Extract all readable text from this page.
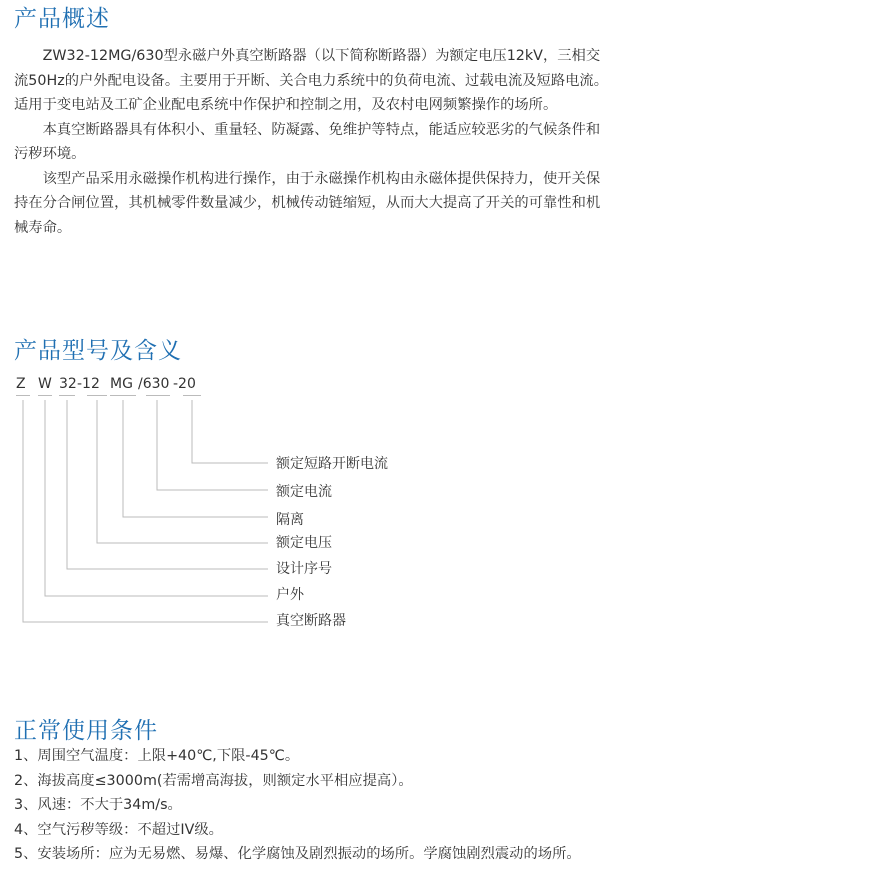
产品概述

ZW32-12MG/630型永磁户外真空断路器（以下简称断路器）为额定电压12kV，三相交流50Hz的户外配电设备。主要用于开断、关合电力系统中的负荷电流、过载电流及短路电流。适用于变电站及工矿企业配电系统中作保护和控制之用，及农村电网频繁操作的场所。

本真空断路器具有体积小、重量轻、防凝露、免维护等特点，能适应较恶劣的气候条件和污秽环境。

该型产品采用永磁操作机构进行操作，由于永磁操作机构由永磁体提供保持力，使开关保持在分合闸位置，其机械零件数量减少，机械传动链缩短，从而大大提高了开关的可靠性和机械寿命。

产品型号及含义
Z W 32 -12 MG /630 -20
额定短路开断电流
额定电流
隔离
额定电压
设计序号
户外
真空断路器
正常使用条件
1、周围空气温度：上限+40℃,下限-45℃。
2、海拔高度≤3000m(若需增高海拔，则额定水平相应提高）。
3、风速：不大于34m/s。
4、空气污秽等级：不超过IV级。
5、安装场所：应为无易燃、易爆、化学腐蚀及剧烈振动的场所。学腐蚀剧烈震动的场所。
